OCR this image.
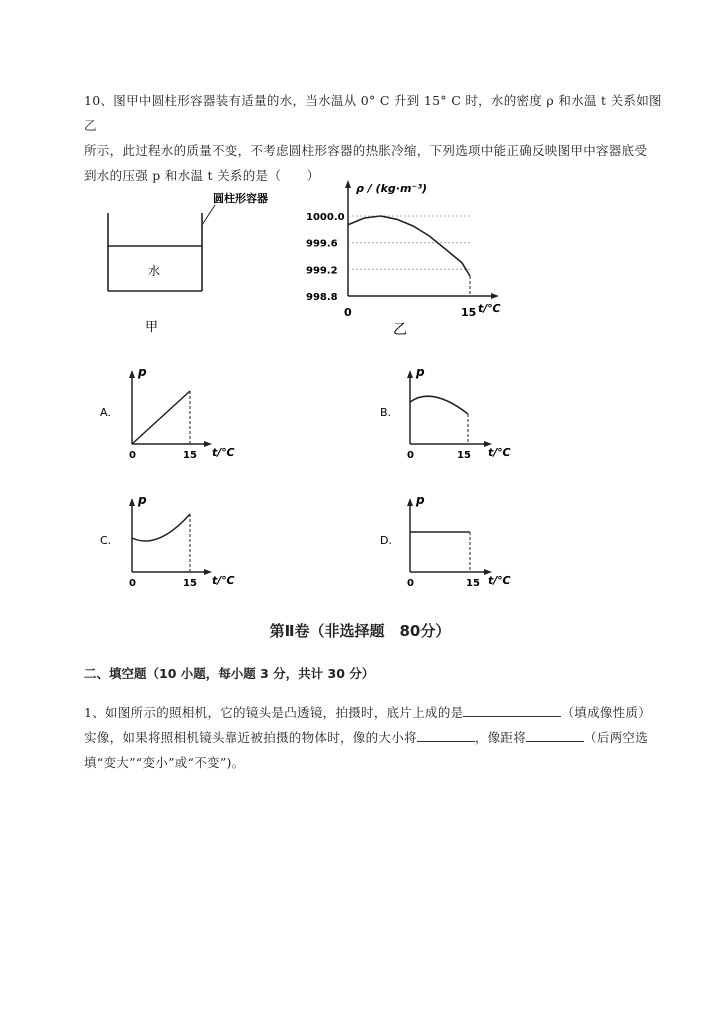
10、图甲中圆柱形容器装有适量的水，当水温从 0° C 升到 15° C 时，水的密度 ρ 和水温 t 关系如图乙
所示，此过程水的质量不变，不考虑圆柱形容器的热胀冷缩，下列选项中能正确反映图甲中容器底受
到水的压强 p 和水温 t 关系的是（　　）
圆柱形容器
水
甲
ρ / (kg·m⁻³)
t/℃
1000.0
999.6
999.2
998.8
0	15
乙
A.
p
0	15 t/℃
B.
p
0	15 t/℃
C.
p
0	15 t/℃
D.
p
0	15 t/℃
第Ⅱ卷（非选择题　80分）
二、填空题（10 小题，每小题 3 分，共计 30 分）
1、如图所示的照相机，它的镜头是凸透镜，拍摄时，底片上成的是	（填成像性质）
实像，如果将照相机镜头靠近被拍摄的物体时，像的大小将	，像距将	（后两空选
填“变大”“变小”或“不变”)。
